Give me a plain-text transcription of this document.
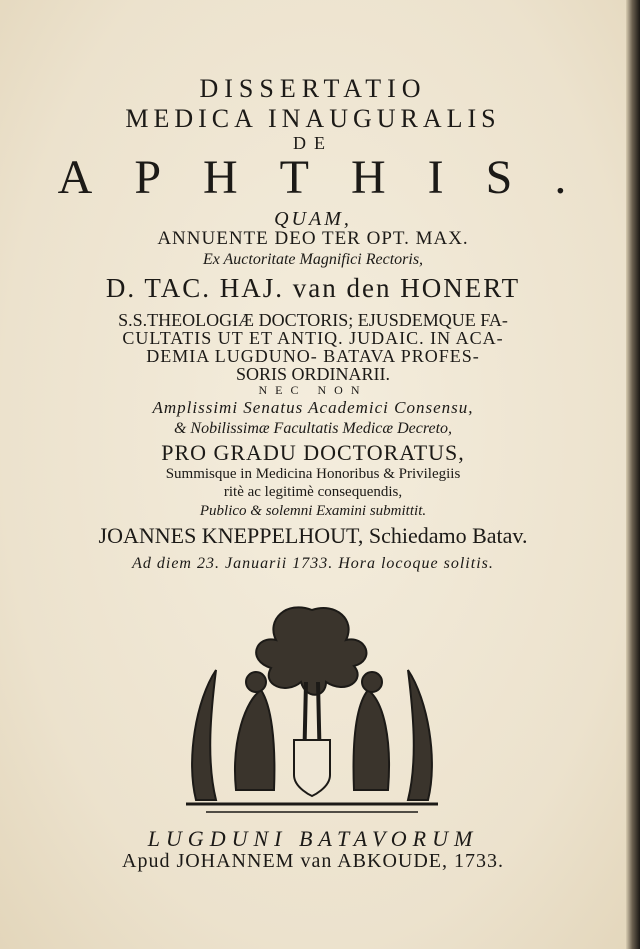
DISSERTATIO
MEDICA INAUGURALIS
DE
APHTHIS.
QUAM,
ANNUENTE DEO TER OPT. MAX.
Ex Auctoritate Magnifici Rectoris,
D. TAC. HAJ. van den HONERT
S.S.THEOLOGIÆ DOCTORIS; EJUSDEMQUE FA-
CULTATIS UT ET ANTIQ. JUDAIC. IN ACA-
DEMIA LUGDUNO- BATAVA PROFES-
SORIS ORDINARII.
NEC NON
Amplissimi Senatus Academici Consensu,
& Nobilissimæ Facultatis Medicæ Decreto,
PRO GRADU DOCTORATUS,
Summisque in Medicina Honoribus & Privilegiis
ritè ac legitimè consequendis,
Publico & solemni Examini submittit.
JOANNES KNEPPELHOUT, Schiedamo Batav.
Ad diem 23. Januarii 1733. Hora locoque solitis.
LUGDUNI BATAVORUM
Apud JOHANNEM van ABKOUDE, 1733.
